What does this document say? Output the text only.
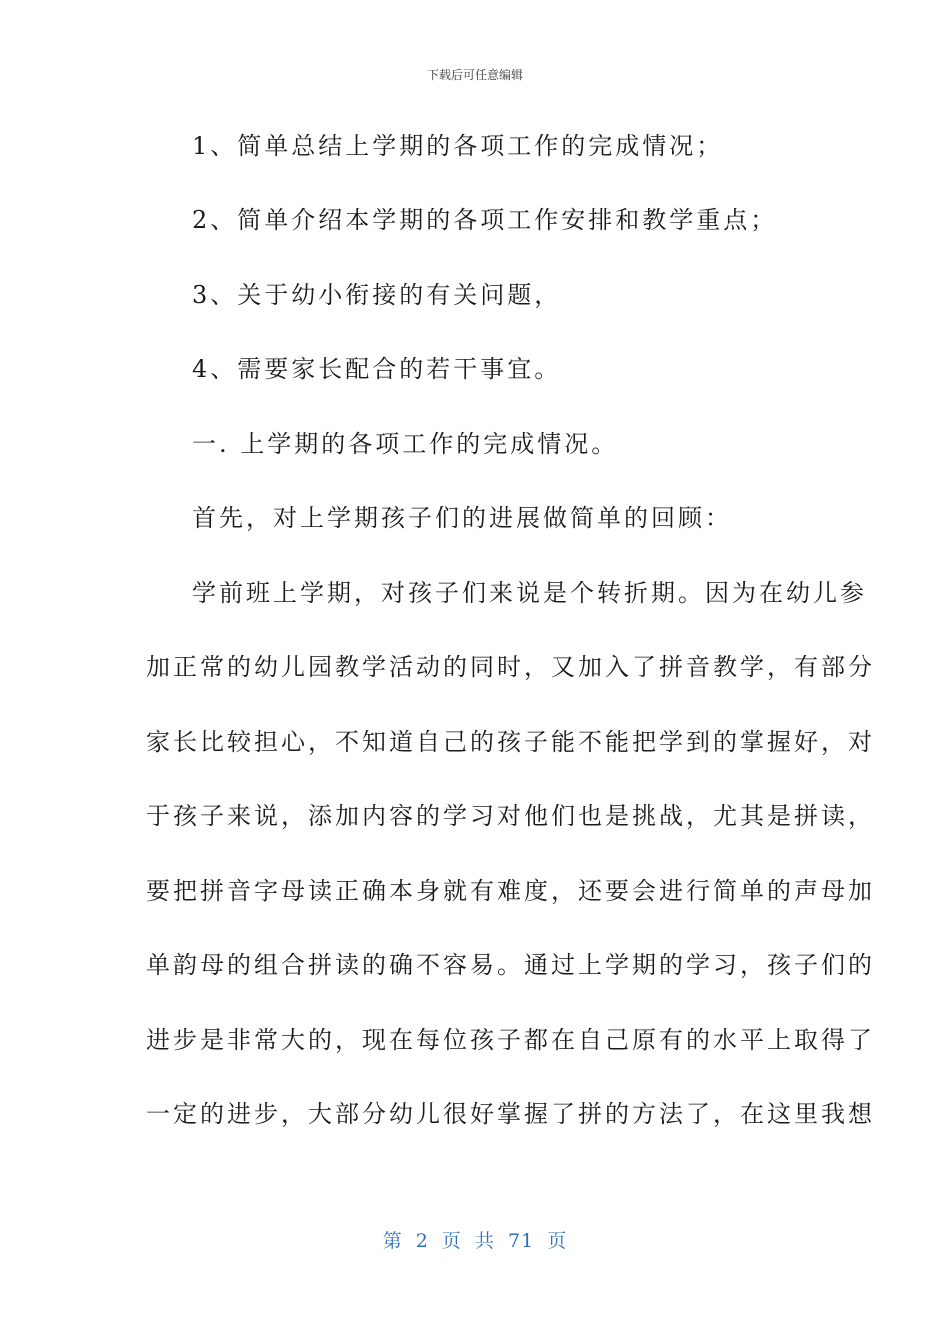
下载后可任意编辑
1、简单总结上学期的各项工作的完成情况；
2、简单介绍本学期的各项工作安排和教学重点；
3、关于幼小衔接的有关问题，
4、需要家长配合的若干事宜。
一. 上学期的各项工作的完成情况。
首先，对上学期孩子们的进展做简单的回顾：
学前班上学期，对孩子们来说是个转折期。因为在幼儿参
加正常的幼儿园教学活动的同时，又加入了拼音教学，有部分
家长比较担心，不知道自己的孩子能不能把学到的掌握好，对
于孩子来说，添加内容的学习对他们也是挑战，尤其是拼读，
要把拼音字母读正确本身就有难度，还要会进行简单的声母加
单韵母的组合拼读的确不容易。通过上学期的学习，孩子们的
进步是非常大的，现在每位孩子都在自己原有的水平上取得了
一定的进步，大部分幼儿很好掌握了拼的方法了，在这里我想
第 2 页 共 71 页
